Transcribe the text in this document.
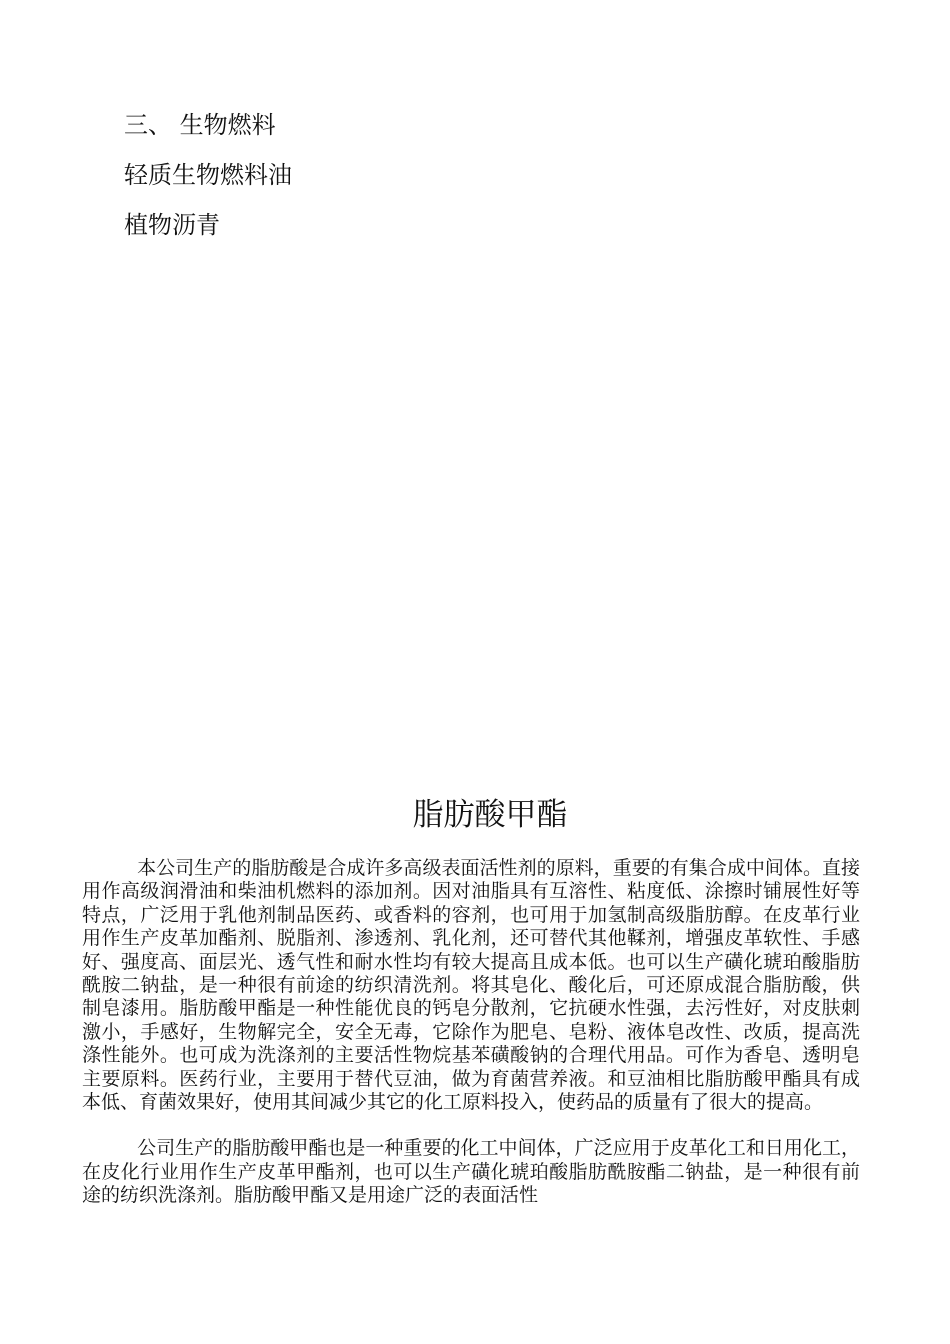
三、 生物燃料
轻质生物燃料油
植物沥青
脂肪酸甲酯

本公司生产的脂肪酸是合成许多高级表面活性剂的原料，重要的有集合成中间体。直接用作高级润滑油和柴油机燃料的添加剂。因对油脂具有互溶性、粘度低、涂擦时铺展性好等特点，广泛用于乳他剂制品医药、或香料的容剂，也可用于加氢制高级脂肪醇。在皮革行业用作生产皮革加酯剂、脱脂剂、渗透剂、乳化剂，还可替代其他鞣剂，增强皮革软性、手感好、强度高、面层光、透气性和耐水性均有较大提高且成本低。也可以生产磺化琥珀酸脂肪酰胺二钠盐，是一种很有前途的纺织清洗剂。将其皂化、酸化后，可还原成混合脂肪酸，供制皂漆用。脂肪酸甲酯是一种性能优良的钙皂分散剂，它抗硬水性强，去污性好，对皮肤刺激小，手感好，生物解完全，安全无毒，它除作为肥皂、皂粉、液体皂改性、改质，提高洗涤性能外。也可成为洗涤剂的主要活性物烷基苯磺酸钠的合理代用品。可作为香皂、透明皂主要原料。医药行业，主要用于替代豆油，做为育菌营养液。和豆油相比脂肪酸甲酯具有成本低、育菌效果好，使用其间减少其它的化工原料投入，使药品的质量有了很大的提高。

公司生产的脂肪酸甲酯也是一种重要的化工中间体，广泛应用于皮革化工和日用化工，在皮化行业用作生产皮革甲酯剂，也可以生产磺化琥珀酸脂肪酰胺酯二钠盐，是一种很有前途的纺织洗涤剂。脂肪酸甲酯又是用途广泛的表面活性
